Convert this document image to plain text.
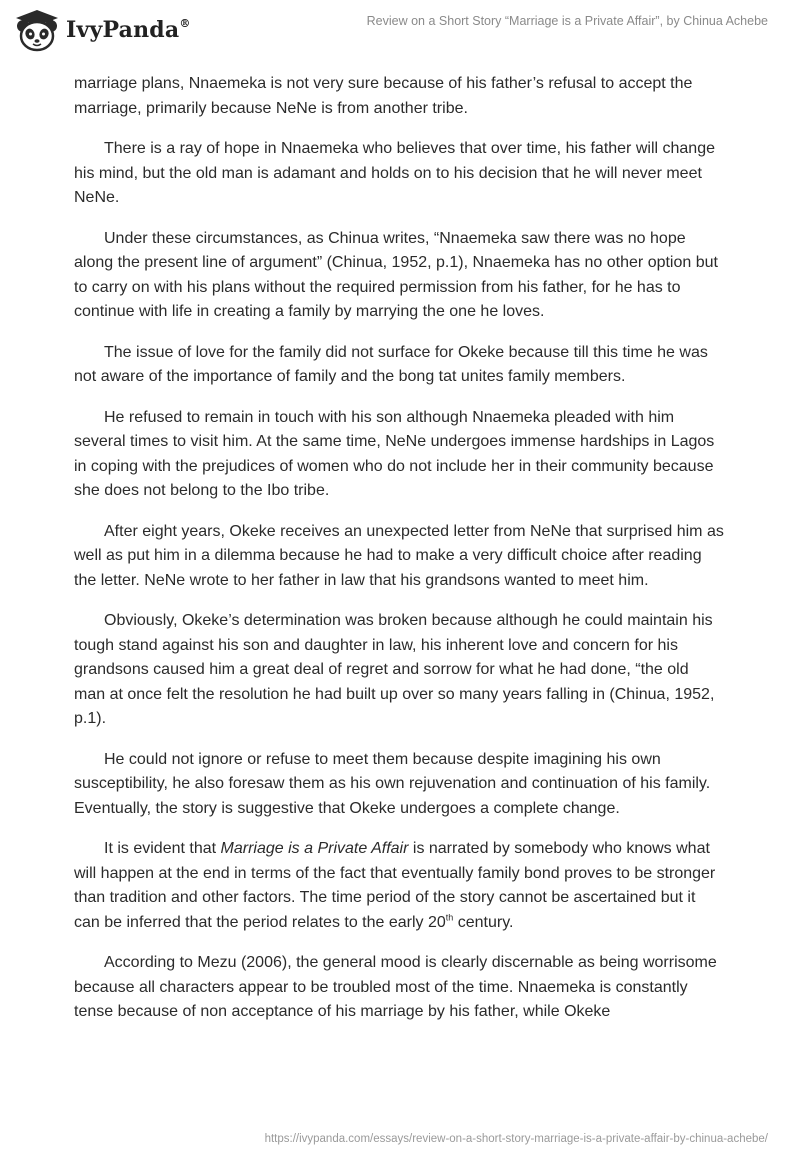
IvyPanda®	Review on a Short Story “Marriage is a Private Affair”, by Chinua Achebe

marriage plans, Nnaemeka is not very sure because of his father’s refusal to accept the marriage, primarily because NeNe is from another tribe.

There is a ray of hope in Nnaemeka who believes that over time, his father will change his mind, but the old man is adamant and holds on to his decision that he will never meet NeNe.

Under these circumstances, as Chinua writes, “Nnaemeka saw there was no hope along the present line of argument” (Chinua, 1952, p.1), Nnaemeka has no other option but to carry on with his plans without the required permission from his father, for he has to continue with life in creating a family by marrying the one he loves.

The issue of love for the family did not surface for Okeke because till this time he was not aware of the importance of family and the bong tat unites family members.

He refused to remain in touch with his son although Nnaemeka pleaded with him several times to visit him. At the same time, NeNe undergoes immense hardships in Lagos in coping with the prejudices of women who do not include her in their community because she does not belong to the Ibo tribe.

After eight years, Okeke receives an unexpected letter from NeNe that surprised him as well as put him in a dilemma because he had to make a very difficult choice after reading the letter. NeNe wrote to her father in law that his grandsons wanted to meet him.

Obviously, Okeke’s determination was broken because although he could maintain his tough stand against his son and daughter in law, his inherent love and concern for his grandsons caused him a great deal of regret and sorrow for what he had done, “the old man at once felt the resolution he had built up over so many years falling in (Chinua, 1952, p.1).

He could not ignore or refuse to meet them because despite imagining his own susceptibility, he also foresaw them as his own rejuvenation and continuation of his family. Eventually, the story is suggestive that Okeke undergoes a complete change.

It is evident that Marriage is a Private Affair is narrated by somebody who knows what will happen at the end in terms of the fact that eventually family bond proves to be stronger than tradition and other factors. The time period of the story cannot be ascertained but it can be inferred that the period relates to the early 20th century.

According to Mezu (2006), the general mood is clearly discernable as being worrisome because all characters appear to be troubled most of the time. Nnaemeka is constantly tense because of non acceptance of his marriage by his father, while Okeke

https://ivypanda.com/essays/review-on-a-short-story-marriage-is-a-private-affair-by-chinua-achebe/
